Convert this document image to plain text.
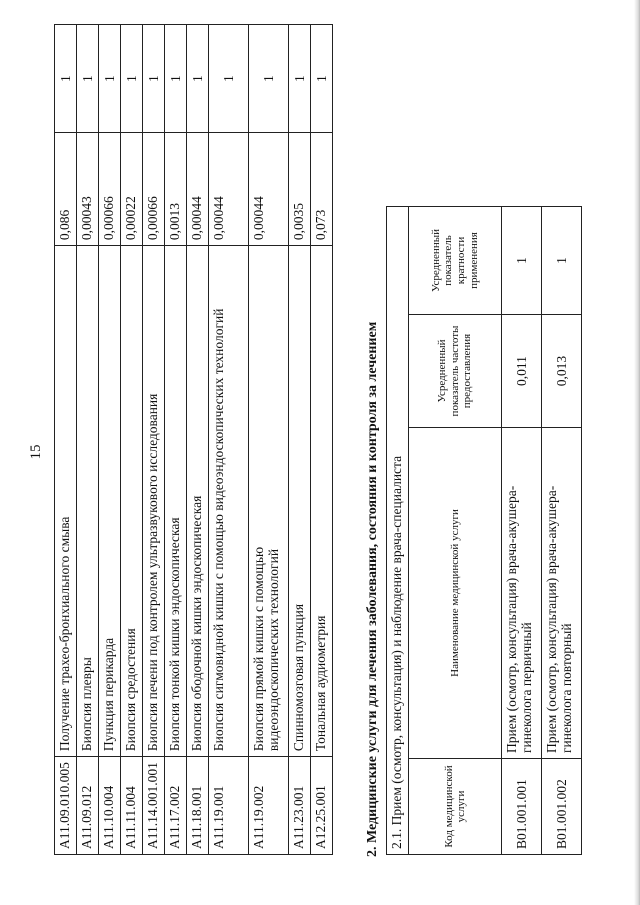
15
A11.09.010.005	Получение трахео-бронхиального смыва	0,086	1
A11.09.012	Биопсия плевры	0,00043	1
A11.10.004	Пункция перикарда	0,00066	1
A11.11.004	Биопсия средостения	0,00022	1
A11.14.001.001	Биопсия печени под контролем ультразвукового исследования	0,00066	1
A11.17.002	Биопсия тонкой кишки эндоскопическая	0,0013	1
A11.18.001	Биопсия ободочной кишки эндоскопическая	0,00044	1
A11.19.001	Биопсия сигмовидной кишки с помощью видеоэндоскопических технологий	0,00044	1
A11.19.002	Биопсия прямой кишки с помощью видеоэндоскопических технологий	0,00044	1
A11.23.001	Спинномозговая пункция	0,0035	1
A12.25.001	Тональная аудиометрия	0,073	1
2. Медицинские услуги для лечения заболевания, состояния и контроля за лечением 2.1. Прием (осмотр, консультация) и наблюдение врача-специалиста			
Код медицинской услуги	Наименование медицинской услуги	Усредненный показатель частоты предоставления	Усредненный показатель кратности применения
B01.001.001	Прием (осмотр, консультация) врача-акушера-гинеколога первичный	0,011	1
B01.001.002	Прием (осмотр, консультация) врача-акушера-гинеколога повторный	0,013	1
